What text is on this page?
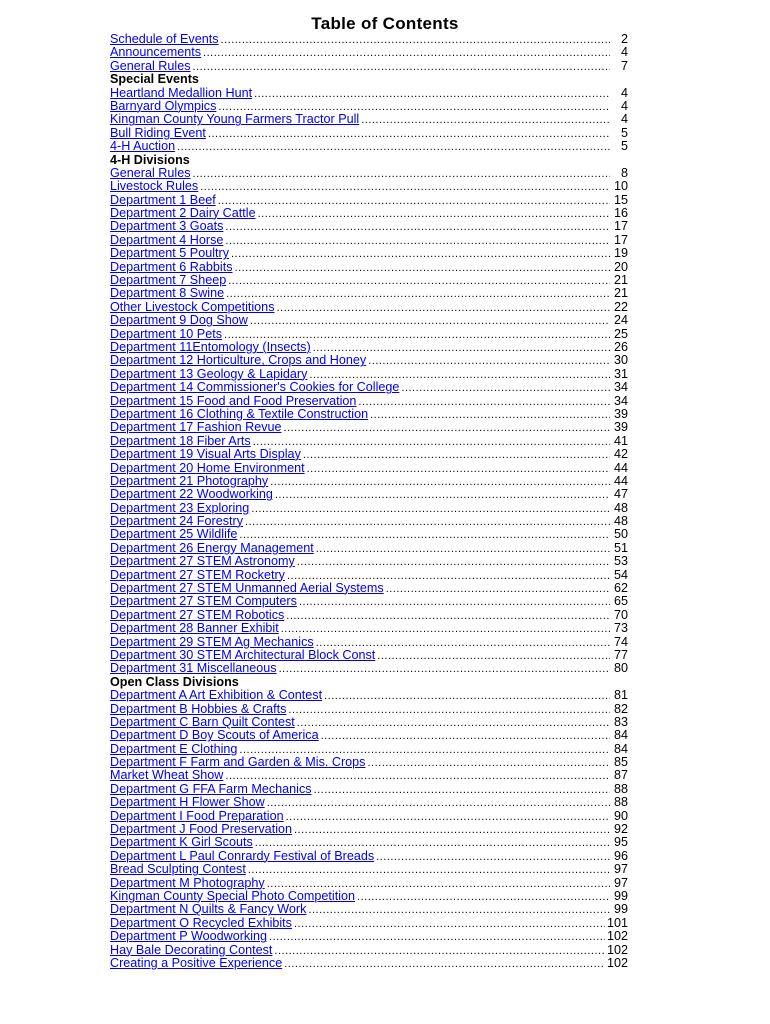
Table of Contents
Schedule of Events .....	2
Announcements .....	4
General Rules .....	7
Special Events
Heartland Medallion Hunt .....	4
Barnyard Olympics .....	4
Kingman County Young Farmers Tractor Pull .....	4
Bull Riding Event .....	5
4-H Auction .....	5
4-H Divisions
General Rules .....	8
Livestock Rules .....	10
Department 1 Beef .....	15
Department 2 Dairy Cattle .....	16
Department 3 Goats .....	17
Department 4 Horse .....	17
Department 5 Poultry .....	19
Department 6 Rabbits .....	20
Department 7 Sheep .....	21
Department 8 Swine .....	21
Other Livestock Competitions .....	22
Department 9 Dog Show .....	24
Department 10 Pets .....	25
Department 11Entomology (Insects) .....	26
Department 12 Horticulture, Crops and Honey .....	30
Department 13 Geology & Lapidary .....	31
Department 14 Commissioner's Cookies for College .....	34
Department 15 Food and Food Preservation .....	34
Department 16 Clothing & Textile Construction .....	39
Department 17 Fashion Revue .....	39
Department 18 Fiber Arts .....	41
Department 19 Visual Arts Display .....	42
Department 20 Home Environment .....	44
Department 21 Photography .....	44
Department 22 Woodworking .....	47
Department 23 Exploring .....	48
Department 24 Forestry .....	48
Department 25 Wildlife .....	50
Department 26 Energy Management .....	51
Department 27 STEM Astronomy .....	53
Department 27 STEM Rocketry .....	54
Department 27 STEM Unmanned Aerial Systems .....	62
Department 27 STEM Computers .....	65
Department 27 STEM Robotics .....	70
Department 28 Banner Exhibit .....	73
Department 29 STEM Ag Mechanics .....	74
Department 30 STEM Architectural Block Const .....	77
Department 31 Miscellaneous .....	80
Open Class Divisions
Department A Art Exhibition & Contest .....	81
Department B Hobbies & Crafts .....	82
Department C Barn Quilt Contest .....	83
Department D Boy Scouts of America .....	84
Department E Clothing .....	84
Department F Farm and Garden & Mis. Crops .....	85
Market Wheat Show .....	87
Department G FFA Farm Mechanics .....	88
Department H Flower Show .....	88
Department I Food Preparation .....	90
Department J Food Preservation .....	92
Department K Girl Scouts .....	95
Department L Paul Conrardy Festival of Breads .....	96
Bread Sculpting Contest .....	97
Department M Photography .....	97
Kingman County Special Photo Competition .....	99
Department N Quilts & Fancy Work .....	99
Department O Recycled Exhibits .....	101
Department P Woodworking .....	102
Hay Bale Decorating Contest .....	102
Creating a Positive Experience .....	102
